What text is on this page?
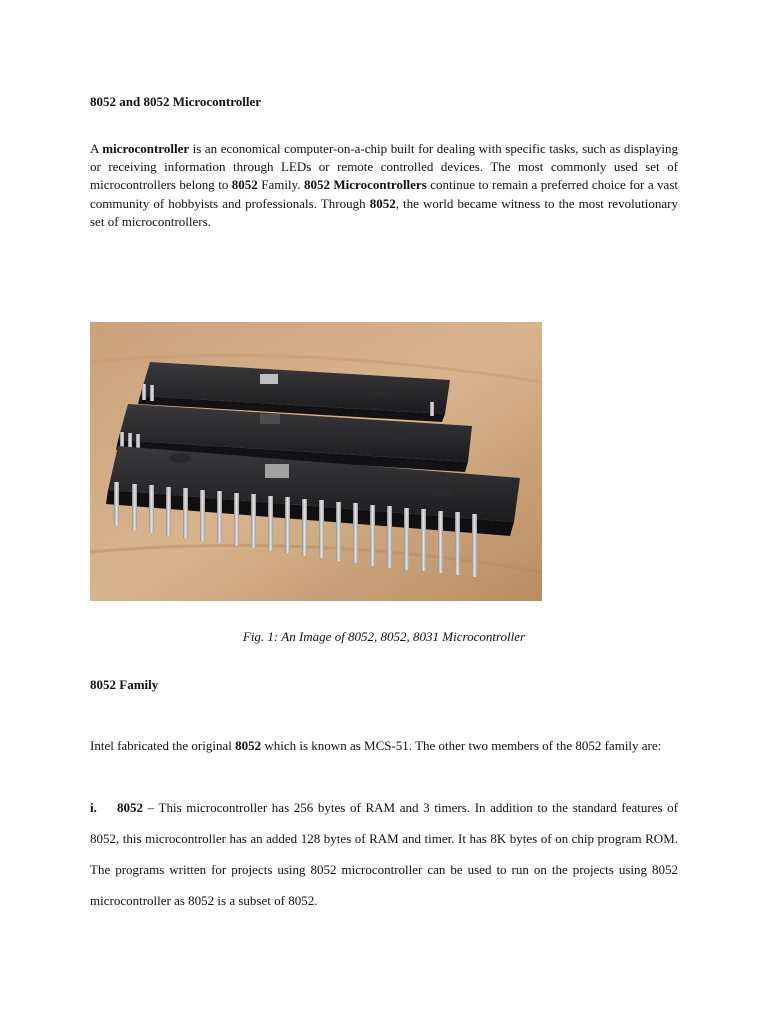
8052 and 8052 Microcontroller
A microcontroller is an economical computer-on-a-chip built for dealing with specific tasks, such as displaying or receiving information through LEDs or remote controlled devices. The most commonly used set of microcontrollers belong to 8052 Family. 8052 Microcontrollers continue to remain a preferred choice for a vast community of hobbyists and professionals. Through 8052, the world became witness to the most revolutionary set of microcontrollers.
Fig. 1: An Image of 8052, 8052, 8031 Microcontroller
8052 Family
Intel fabricated the original 8052 which is known as MCS-51. The other two members of the 8052 family are:
i. 8052 – This microcontroller has 256 bytes of RAM and 3 timers. In addition to the standard features of 8052, this microcontroller has an added 128 bytes of RAM and timer. It has 8K bytes of on chip program ROM. The programs written for projects using 8052 microcontroller can be used to run on the projects using 8052 microcontroller as 8052 is a subset of 8052.
